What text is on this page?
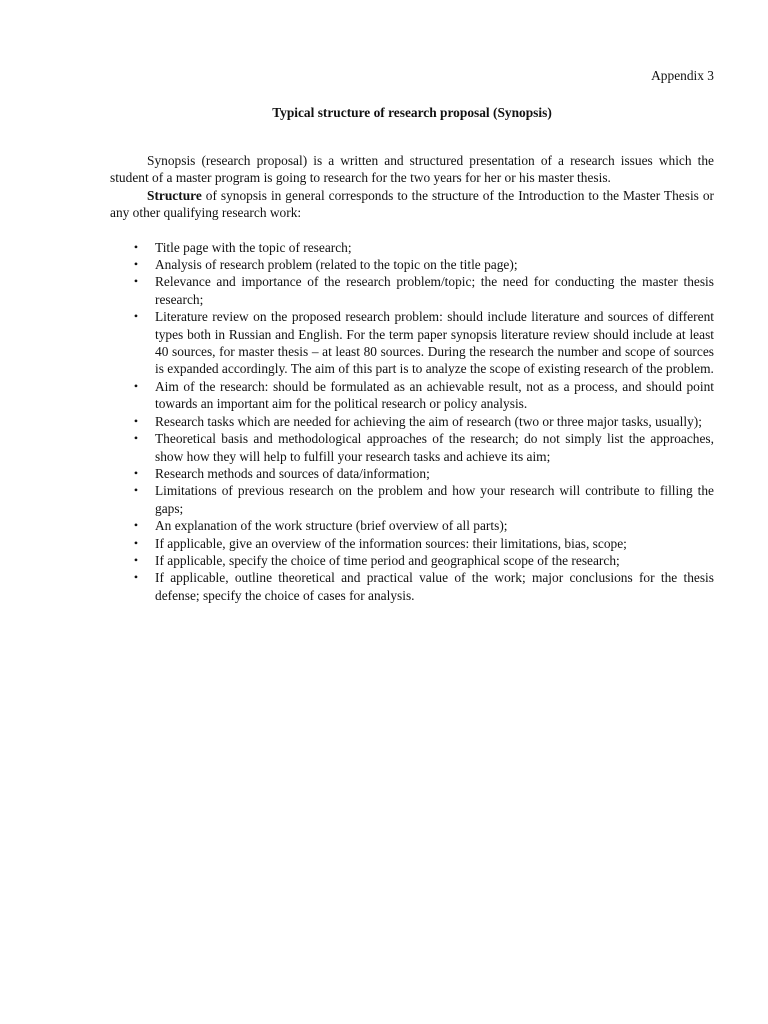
Appendix 3

Typical structure of research proposal (Synopsis)

Synopsis (research proposal) is a written and structured presentation of a research issues which the student of a master program is going to research for the two years for her or his master thesis.

Structure of synopsis in general corresponds to the structure of the Introduction to the Master Thesis or any other qualifying research work:

• Title page with the topic of research;
• Analysis of research problem (related to the topic on the title page);
• Relevance and importance of the research problem/topic; the need for conducting the master thesis research;
• Literature review on the proposed research problem: should include literature and sources of different types both in Russian and English. For the term paper synopsis literature review should include at least 40 sources, for master thesis – at least 80 sources. During the research the number and scope of sources is expanded accordingly. The aim of this part is to analyze the scope of existing research of the problem.
• Aim of the research: should be formulated as an achievable result, not as a process, and should point towards an important aim for the political research or policy analysis.
• Research tasks which are needed for achieving the aim of research (two or three major tasks, usually);
• Theoretical basis and methodological approaches of the research; do not simply list the approaches, show how they will help to fulfill your research tasks and achieve its aim;
• Research methods and sources of data/information;
• Limitations of previous research on the problem and how your research will contribute to filling the gaps;
• An explanation of the work structure (brief overview of all parts);
• If applicable, give an overview of the information sources: their limitations, bias, scope;
• If applicable, specify the choice of time period and geographical scope of the research;
• If applicable, outline theoretical and practical value of the work; major conclusions for the thesis defense; specify the choice of cases for analysis.
